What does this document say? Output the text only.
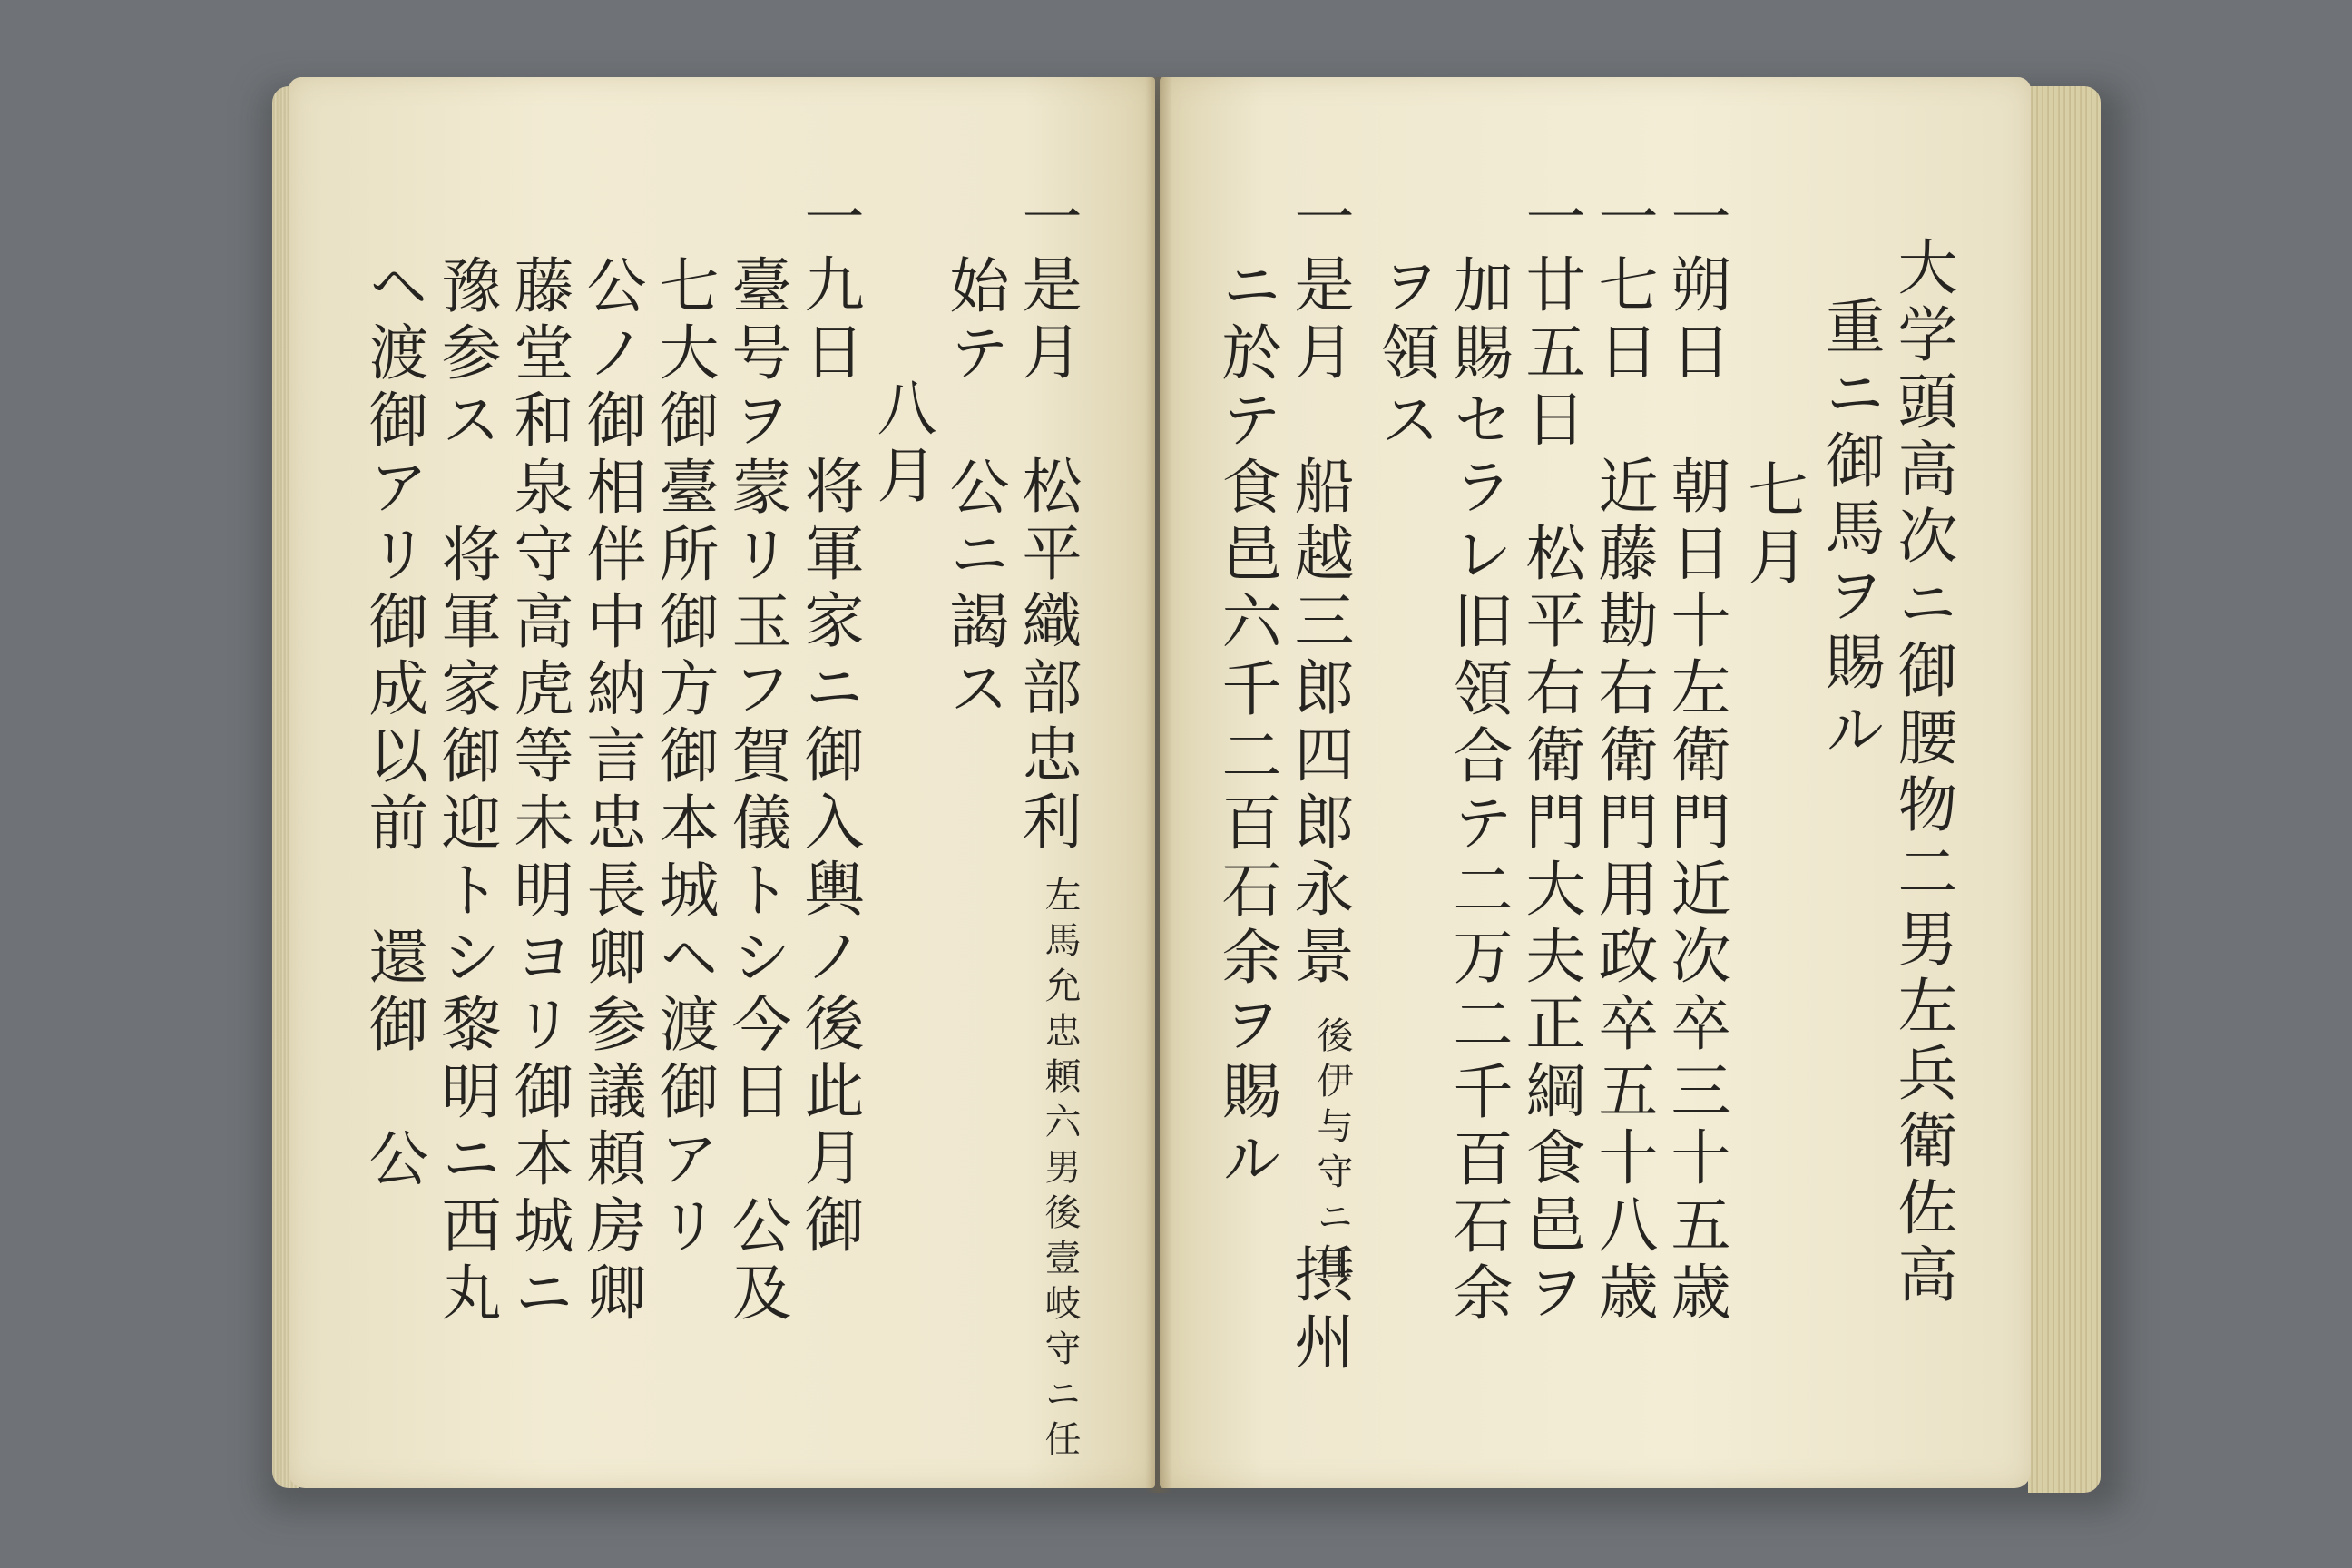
大学頭高次ニ御腰物二男左兵衛佐高
重ニ御馬ヲ賜ル
七月
一朔日　朝日十左衛門近次卒三十五歳
一七日　近藤勘右衛門用政卒五十八歳
一廿五日　松平右衛門大夫正綱食邑ヲ
加賜セラレ旧領合テ二万二千百石余
ヲ領ス
一是月　船越三郎四郎永景
後伊与守ニ任
摂州
ニ於テ食邑六千二百石余ヲ賜ル
一是月　松平織部忠利
左馬允忠頼六男後壹岐守ニ任
始テ　公ニ謁ス
八月
一九日　将軍家ニ御入輿ノ後此月御
臺号ヲ蒙リ玉フ賀儀トシ今日　公及
七大御臺所御方御本城ヘ渡御アリ
公ノ御相伴中納言忠長卿参議頼房卿
藤堂和泉守高虎等未明ヨリ御本城ニ
豫参ス　将軍家御迎トシ黎明ニ西丸
ヘ渡御アリ御成以前　還御　公
